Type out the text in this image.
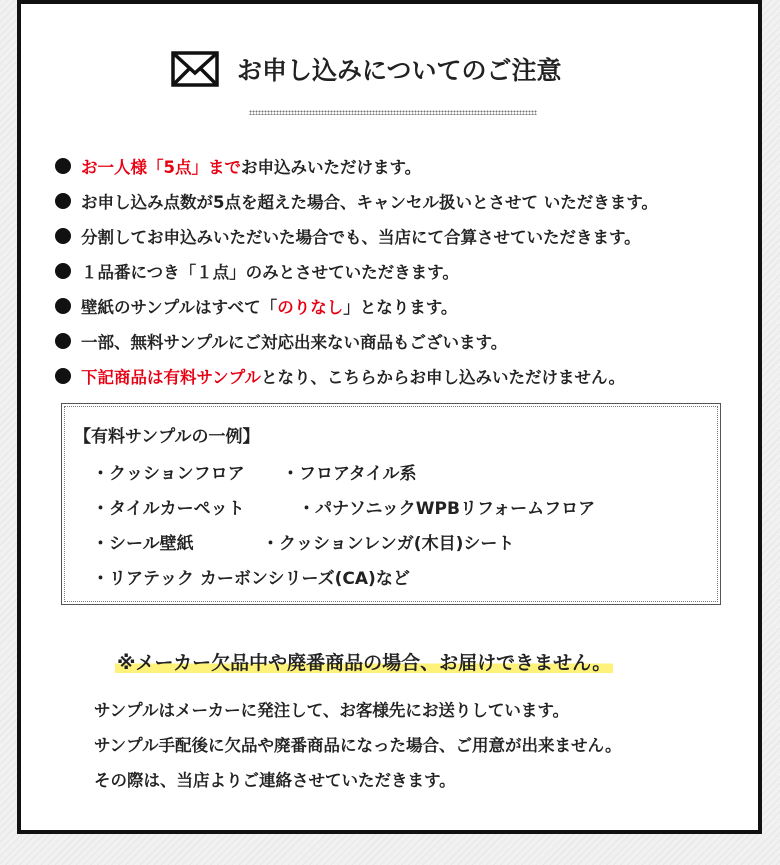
お申し込みについてのご注意
お一人様「5点」まで お申込みいただけます。
お申し込み点数が5点を超えた場合、キャンセル扱いとさせて いただきます。
分割してお申込みいただいた場合でも、当店にて合算させていただきます。
１品番につき「１点」のみとさせていただきます。
壁紙のサンプルはすべて「 のりなし 」となります。
一部、無料サンプルにご対応出来ない商品もございます。
下記商品は有料サンプル となり、こちらからお申し込みいただけません。
【有料サンプルの一例】
・クッションフロア ・フロアタイル系
・タイルカーペット	・パナソニックWPBリフォームフロア
・シール壁紙	・クッションレンガ(木目)シート
・リアテック カーボンシリーズ(CA)など
※メーカー欠品中や廃番商品の場合、お届けできません。
サンプルはメーカーに発注して、お客様先にお送りしています。
サンプル手配後に欠品や廃番商品になった場合、ご用意が出来ません。
その際は、当店よりご連絡させていただきます。
